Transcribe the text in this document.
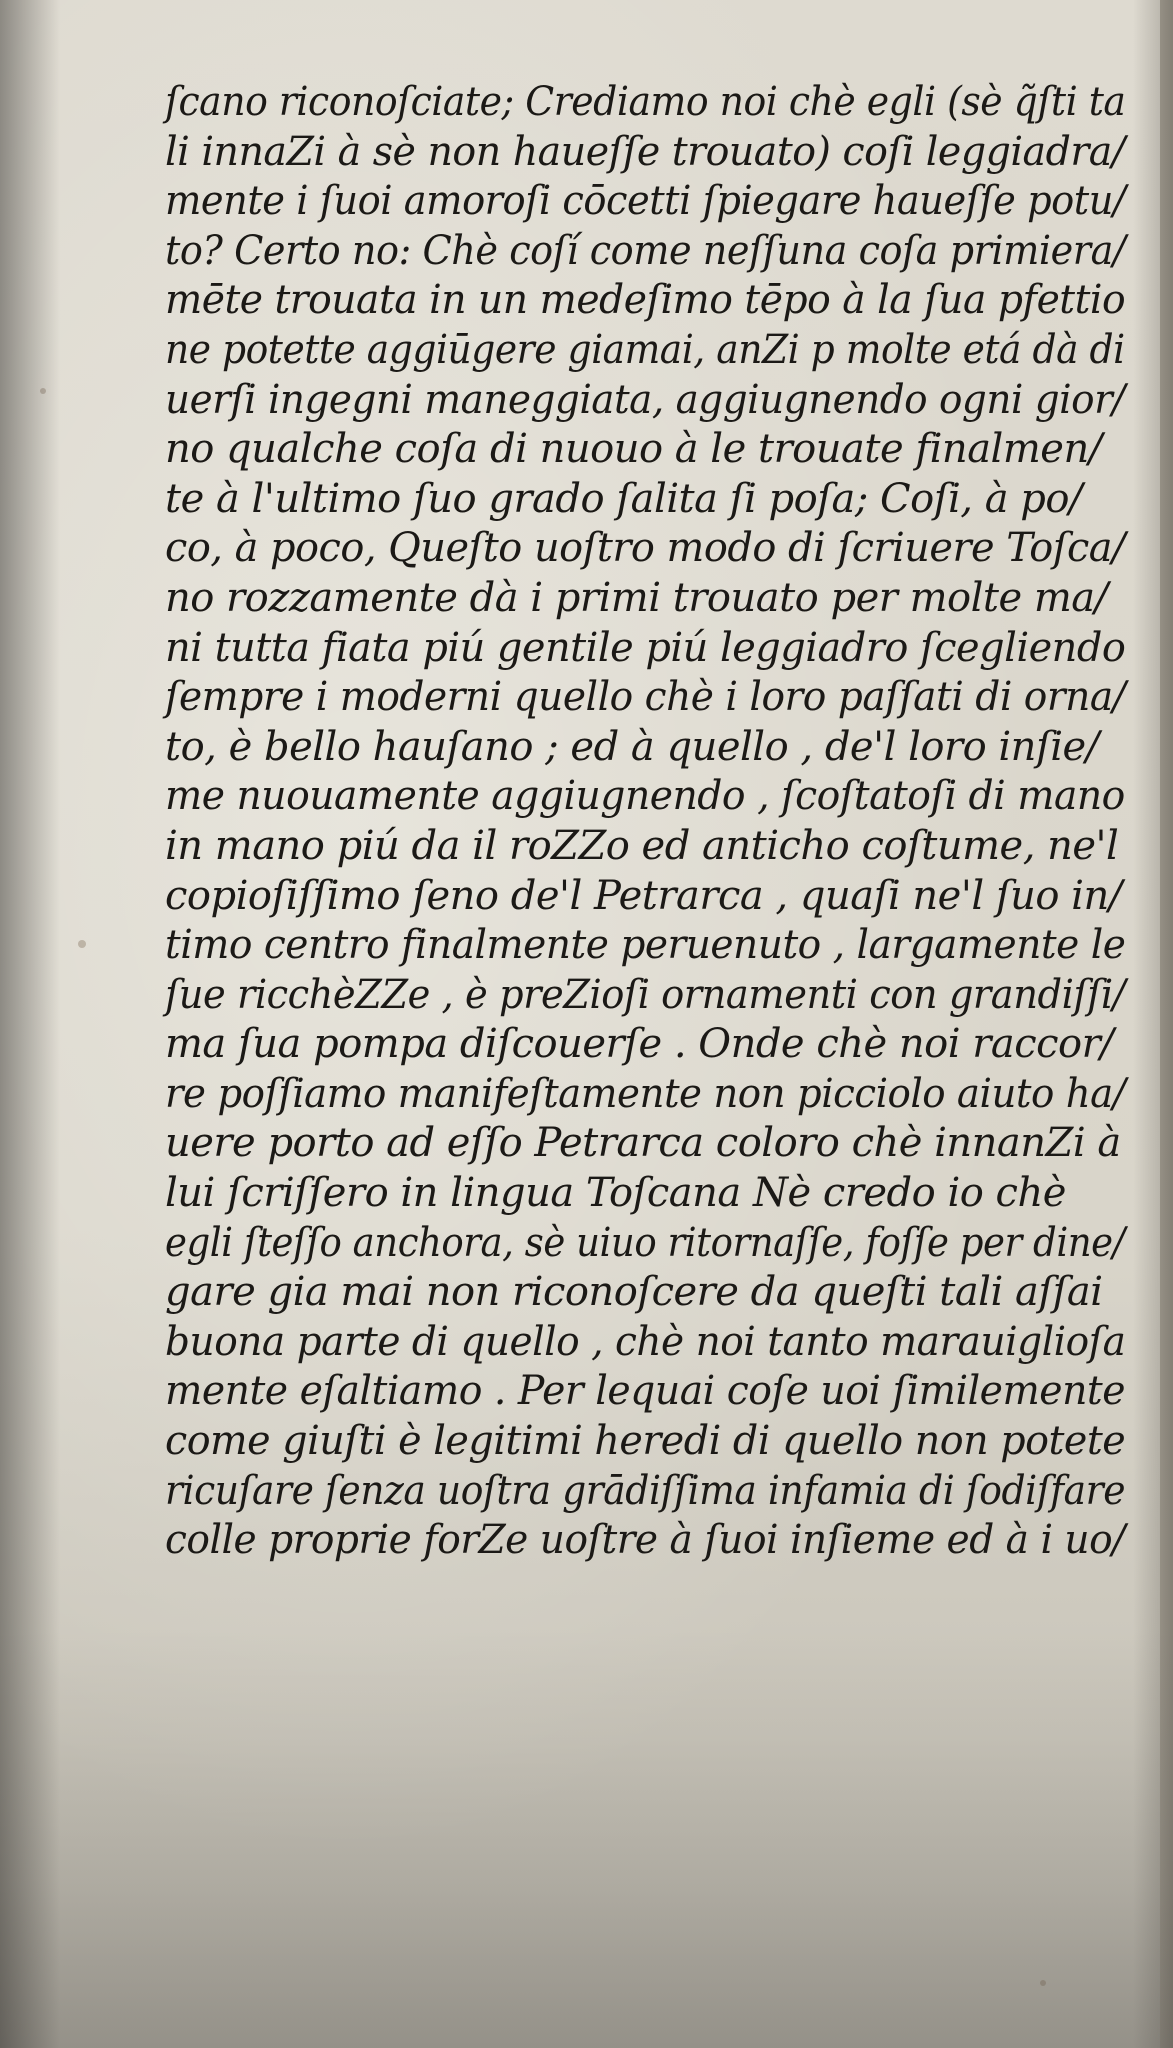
ſcano riconoſciate; Crediamo noi chè egli (sè q̃ſti ta
li innaZi à sè non haueſſe trouato) coſi leggiadra/
mente i ſuoi amoroſi cōcetti ſpiegare haueſſe potu/
to? Certo no: Chè coſí come neſſuna coſa primiera/
mēte trouata in un medeſimo tēpo à la ſua pfettio
ne potette aggiūgere giamai, anZi p molte etá dà di
uerſi ingegni maneggiata, aggiugnendo ogni gior/
no qualche coſa di nuouo à le trouate finalmen/
te à l'ultimo ſuo grado ſalita ſi poſa; Coſi, à po/
co, à poco, Queſto uoſtro modo di ſcriuere Toſca/
no rozzamente dà i primi trouato per molte ma/
ni tutta fiata piú gentile piú leggiadro ſcegliendo
ſempre i moderni quello chè i loro paſſati di orna/
to, è bello hauſano ; ed à quello , de'l loro inſie/
me nuouamente aggiugnendo , ſcoſtatoſi di mano
in mano piú da il roZZo ed anticho coſtume, ne'l
copioſiſſimo ſeno de'l Petrarca , quaſi ne'l ſuo in/
timo centro finalmente peruenuto , largamente le
ſue ricchèZZe , è preZioſi ornamenti con grandiſſi/
ma ſua pompa diſcouerſe . Onde chè noi raccor/
re poſſiamo manifeſtamente non picciolo aiuto ha/
uere porto ad eſſo Petrarca coloro chè innanZi à
lui ſcriſſero in lingua Toſcana Nè credo io chè
egli ſteſſo anchora, sè uiuo ritornaſſe, foſſe per dine/
gare gia mai non riconoſcere da queſti tali aſſai
buona parte di quello , chè noi tanto marauiglioſa
mente eſaltiamo . Per lequai coſe uoi ſimilemente
come giuſti è legitimi heredi di quello non potete
ricuſare ſenza uoſtra grādiſſima infamia di ſodiſfare
colle proprie forZe uoſtre à ſuoi inſieme ed à i uo/
